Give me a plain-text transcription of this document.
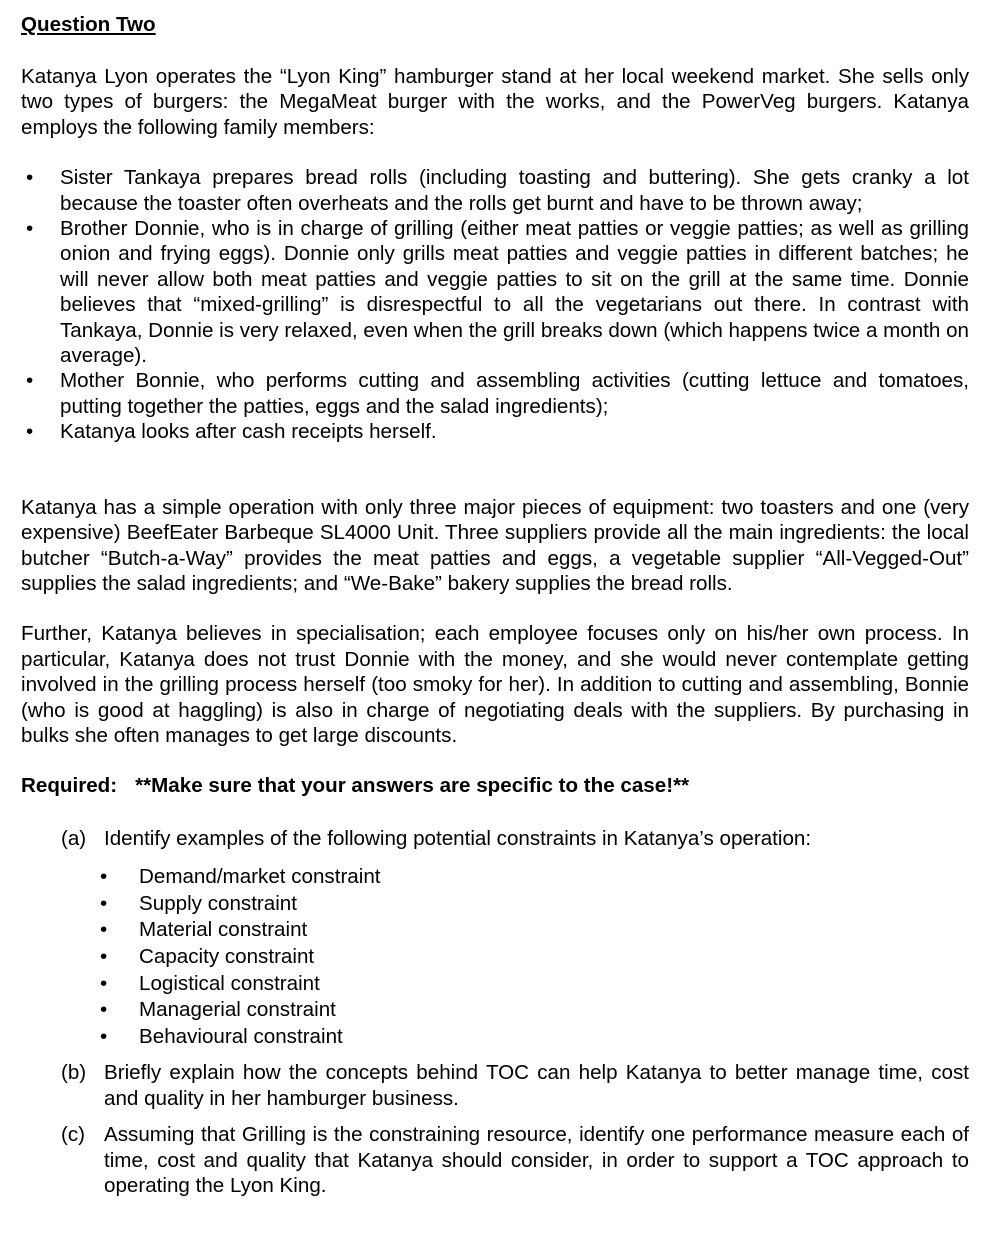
Question Two

Katanya Lyon operates the “Lyon King” hamburger stand at her local weekend market. She sells only two types of burgers: the MegaMeat burger with the works, and the PowerVeg burgers. Katanya employs the following family members:

• Sister Tankaya prepares bread rolls (including toasting and buttering). She gets cranky a lot because the toaster often overheats and the rolls get burnt and have to be thrown away;
• Brother Donnie, who is in charge of grilling (either meat patties or veggie patties; as well as grilling onion and frying eggs). Donnie only grills meat patties and veggie patties in different batches; he will never allow both meat patties and veggie patties to sit on the grill at the same time. Donnie believes that “mixed-grilling” is disrespectful to all the vegetarians out there. In contrast with Tankaya, Donnie is very relaxed, even when the grill breaks down (which happens twice a month on average).
• Mother Bonnie, who performs cutting and assembling activities (cutting lettuce and tomatoes, putting together the patties, eggs and the salad ingredients);
• Katanya looks after cash receipts herself.

Katanya has a simple operation with only three major pieces of equipment: two toasters and one (very expensive) BeefEater Barbeque SL4000 Unit. Three suppliers provide all the main ingredients: the local butcher “Butch-a-Way” provides the meat patties and eggs, a vegetable supplier “All-Vegged-Out” supplies the salad ingredients; and “We-Bake” bakery supplies the bread rolls.

Further, Katanya believes in specialisation; each employee focuses only on his/her own process. In particular, Katanya does not trust Donnie with the money, and she would never contemplate getting involved in the grilling process herself (too smoky for her). In addition to cutting and assembling, Bonnie (who is good at haggling) is also in charge of negotiating deals with the suppliers. By purchasing in bulks she often manages to get large discounts.

Required: **Make sure that your answers are specific to the case!**
(a) Identify examples of the following potential constraints in Katanya’s operation:
• Demand/market constraint
• Supply constraint
• Material constraint
• Capacity constraint
• Logistical constraint
• Managerial constraint
• Behavioural constraint
(b) Briefly explain how the concepts behind TOC can help Katanya to better manage time, cost and quality in her hamburger business.
(c) Assuming that Grilling is the constraining resource, identify one performance measure each of time, cost and quality that Katanya should consider, in order to support a TOC approach to operating the Lyon King.
